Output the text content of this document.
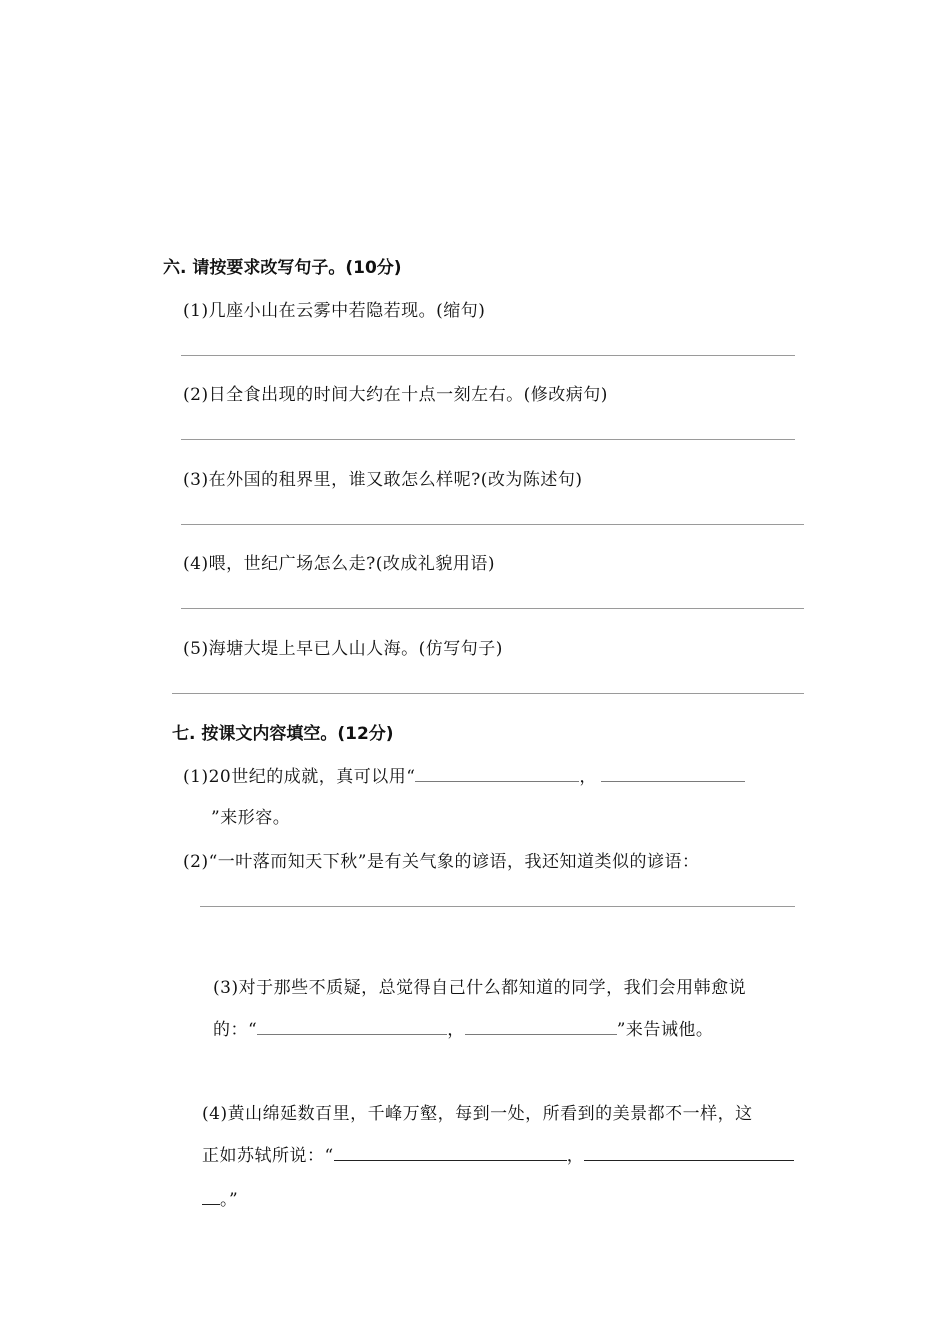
六. 请按要求改写句子。(10分)
(1)几座小山在云雾中若隐若现。(缩句)
(2)日全食出现的时间大约在十点一刻左右。(修改病句)
(3)在外国的租界里，谁又敢怎么样呢?(改为陈述句)
(4)喂，世纪广场怎么走?(改成礼貌用语)
(5)海塘大堤上早已人山人海。(仿写句子)
七. 按课文内容填空。(12分)
(1)20世纪的成就，真可以用“	，
”来形容。
(2)“一叶落而知天下秋”是有关气象的谚语，我还知道类似的谚语：
(3)对于那些不质疑，总觉得自己什么都知道的同学，我们会用韩愈说
的：“	，	”来告诫他。
(4)黄山绵延数百里，千峰万壑，每到一处，所看到的美景都不一样，这
正如苏轼所说：“	，
。”
